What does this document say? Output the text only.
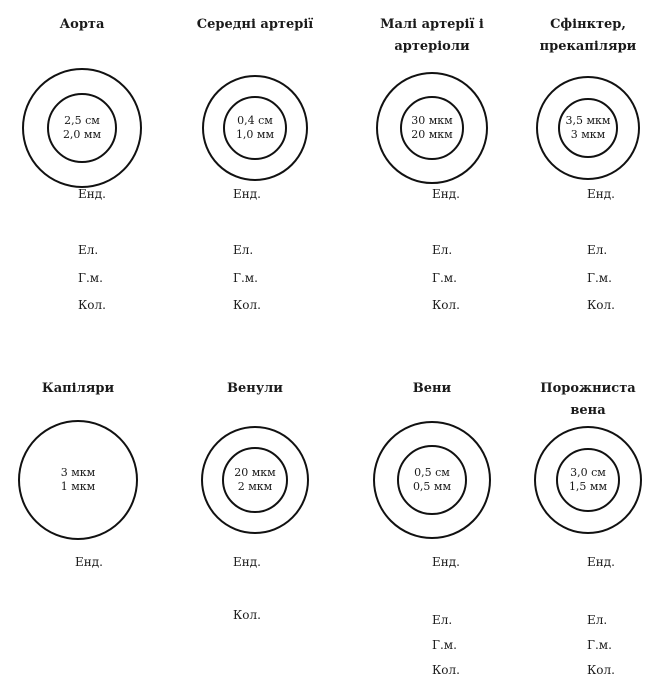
Аорта
2,5 см
2,0 мм
Енд.
Ел.
Г.м.
Кол.
Середні артерії
0,4 см
1,0 мм
Енд.
Ел.
Г.м.
Кол.
Малі артерії і
артеріоли
30 мкм
20 мкм
Енд.
Ел.
Г.м.
Кол.
Сфінктер,
прекапіляри
3,5 мкм
3 мкм
Енд.
Ел.
Г.м.
Кол.
Капіляри
3 мкм
1 мкм
Енд.
Венули
20 мкм
2 мкм
Енд.
Кол.
Вени
0,5 см
0,5 мм
Енд.
Ел.
Г.м.
Кол.
Порожниста
вена
3,0 см
1,5 мм
Енд.
Ел.
Г.м.
Кол.
